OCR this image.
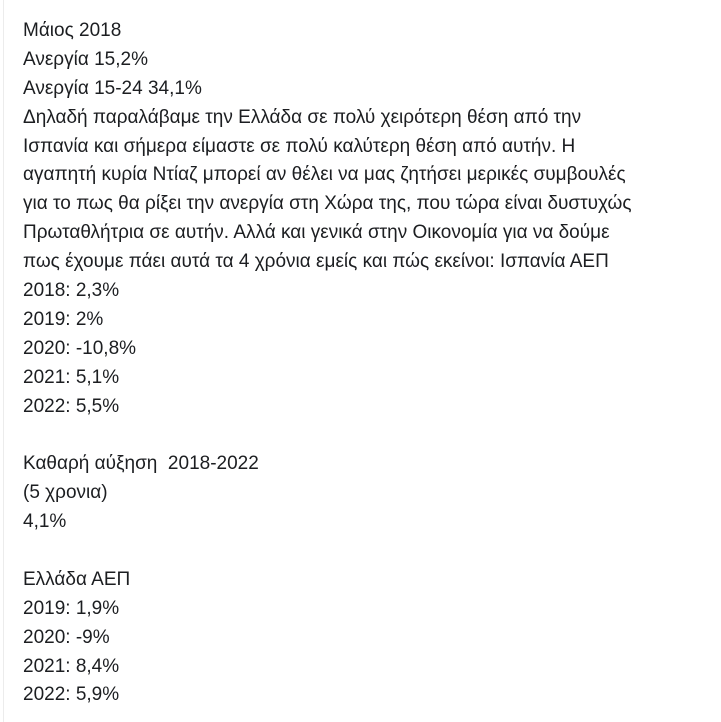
Μάιος 2018
Ανεργία 15,2%
Ανεργία 15-24 34,1%
Δηλαδή παραλάβαμε την Ελλάδα σε πολύ χειρότερη θέση από την
Ισπανία και σήμερα είμαστε σε πολύ καλύτερη θέση από αυτήν. Η
αγαπητή κυρία Ντίαζ μπορεί αν θέλει να μας ζητήσει μερικές συμβουλές
για το πως θα ρίξει την ανεργία στη Χώρα της, που τώρα είναι δυστυχώς
Πρωταθλήτρια σε αυτήν. Αλλά και γενικά στην Οικονομία για να δούμε
πως έχουμε πάει αυτά τα 4 χρόνια εμείς και πώς εκείνοι: Ισπανία ΑΕΠ
2018: 2,3%
2019: 2%
2020: -10,8%
2021: 5,1%
2022: 5,5%
Καθαρή αύξηση  2018-2022
(5 χρονια)
4,1%
Ελλάδα ΑΕΠ
2019: 1,9%
2020: -9%
2021: 8,4%
2022: 5,9%
